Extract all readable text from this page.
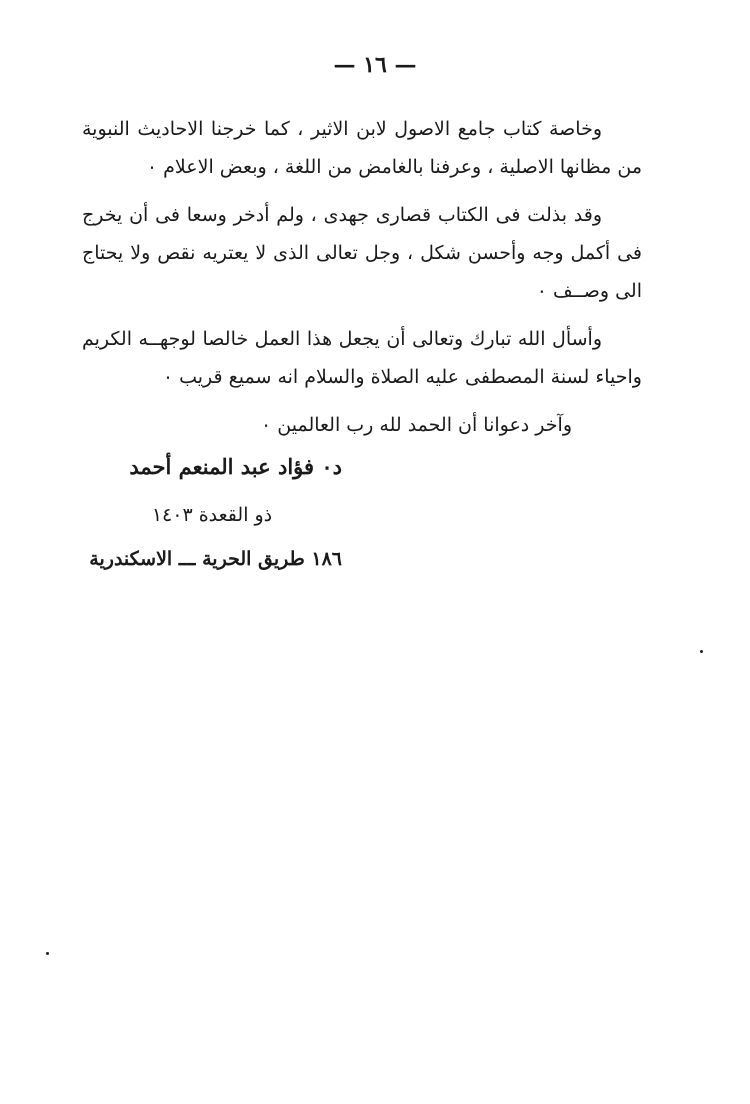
— ١٦ —

وخاصة كتاب جامع الاصول لابن الاثير ، كما خرجنا الاحاديث النبوية من مظانها الاصلية ، وعرفنا بالغامض من اللغة ، وبعض الاعلام ٠

وقد بذلت فى الكتاب قصارى جهدى ، ولم أدخر وسعا فى أن يخرج فى أكمل وجه وأحسن شكل ، وجل تعالى الذى لا يعتريه نقص ولا يحتاج الى وصــف ٠

وأسأل الله تبارك وتعالى أن يجعل هذا العمل خالصا لوجهــه الكريم واحياء لسنة المصطفى عليه الصلاة والسلام انه سميع قريب ٠

وآخر دعوانا أن الحمد لله رب العالمين ٠

د٠ فؤاد عبد المنعم أحمد
ذو القعدة ١٤٠٣
١٨٦ طريق الحرية ـــ الاسكندرية
